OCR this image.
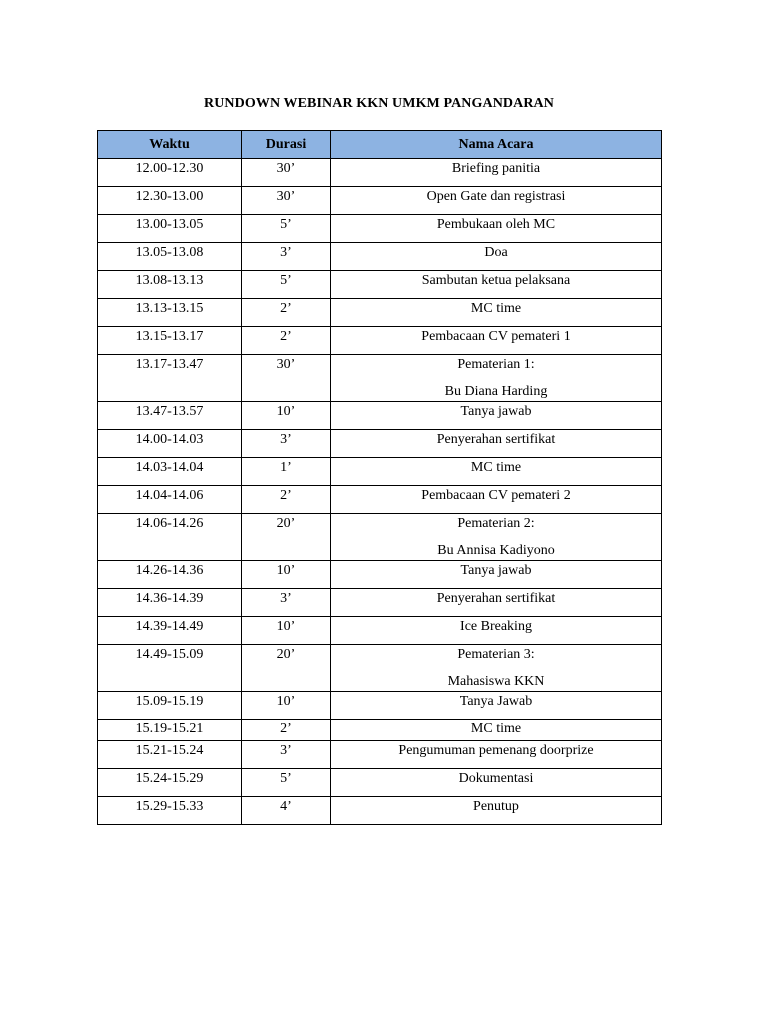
RUNDOWN WEBINAR KKN UMKM PANGANDARAN
Waktu	Durasi	Nama Acara
12.00-12.30	30’	Briefing panitia
12.30-13.00	30’	Open Gate dan registrasi
13.00-13.05	5’	Pembukaan oleh MC
13.05-13.08	3’	Doa
13.08-13.13	5’	Sambutan ketua pelaksana
13.13-13.15	2’	MC time
13.15-13.17	2’	Pembacaan CV pemateri 1
13.17-13.47	30’	Pematerian 1:
Bu Diana Harding

13.47-13.57	10’	Tanya jawab
14.00-14.03	3’	Penyerahan sertifikat
14.03-14.04	1’	MC time
14.04-14.06	2’	Pembacaan CV pemateri 2
14.06-14.26	20’	Pematerian 2:
Bu Annisa Kadiyono

14.26-14.36	10’	Tanya jawab
14.36-14.39	3’	Penyerahan sertifikat
14.39-14.49	10’	Ice Breaking
14.49-15.09	20’	Pematerian 3:
Mahasiswa KKN

15.09-15.19	10’	Tanya Jawab
15.19-15.21	2’	MC time
15.21-15.24	3’	Pengumuman pemenang doorprize
15.24-15.29	5’	Dokumentasi
15.29-15.33	4’	Penutup
